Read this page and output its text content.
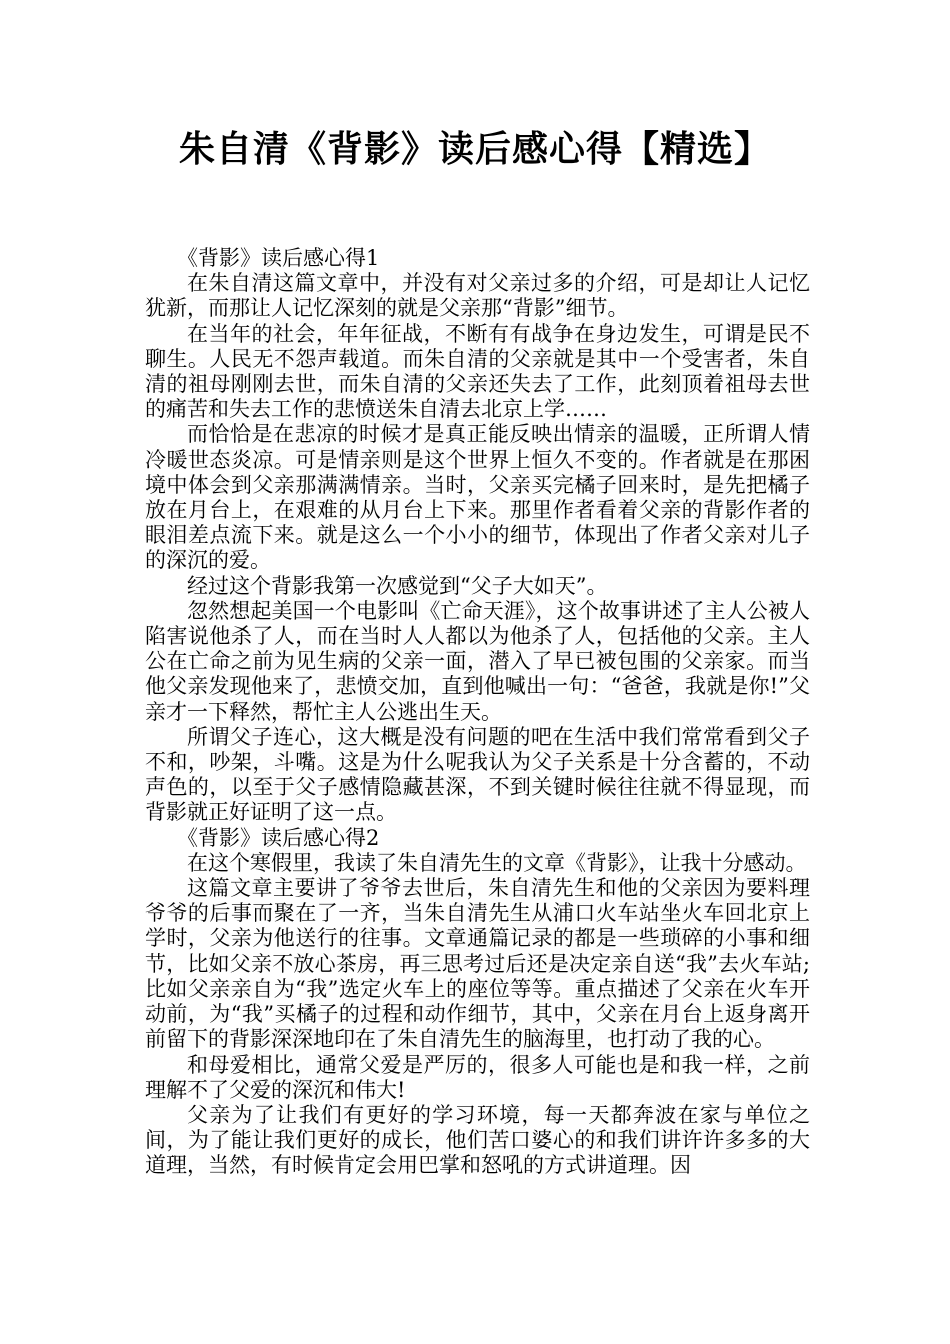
朱自清《背影》读后感心得【精选】

《背影》读后感心得1

在朱自清这篇文章中，并没有对父亲过多的介绍，可是却让人记忆犹新，而那让人记忆深刻的就是父亲那“背影”细节。

在当年的社会，年年征战，不断有有战争在身边发生，可谓是民不聊生。人民无不怨声载道。而朱自清的父亲就是其中一个受害者，朱自清的祖母刚刚去世，而朱自清的父亲还失去了工作，此刻顶着祖母去世的痛苦和失去工作的悲愤送朱自清去北京上学……

而恰恰是在悲凉的时候才是真正能反映出情亲的温暖，正所谓人情冷暖世态炎凉。可是情亲则是这个世界上恒久不变的。作者就是在那困境中体会到父亲那满满情亲。当时，父亲买完橘子回来时，是先把橘子放在月台上，在艰难的从月台上下来。那里作者看着父亲的背影作者的眼泪差点流下来。就是这么一个小小的细节，体现出了作者父亲对儿子的深沉的爱。

经过这个背影我第一次感觉到“父子大如天”。

忽然想起美国一个电影叫《亡命天涯》，这个故事讲述了主人公被人陷害说他杀了人，而在当时人人都以为他杀了人，包括他的父亲。主人公在亡命之前为见生病的父亲一面，潜入了早已被包围的父亲家。而当他父亲发现他来了，悲愤交加，直到他喊出一句：“爸爸，我就是你!”父亲才一下释然，帮忙主人公逃出生天。

所谓父子连心，这大概是没有问题的吧在生活中我们常常看到父子不和，吵架，斗嘴。这是为什么呢我认为父子关系是十分含蓄的，不动声色的，以至于父子感情隐藏甚深，不到关键时候往往就不得显现，而背影就正好证明了这一点。

《背影》读后感心得2

在这个寒假里，我读了朱自清先生的文章《背影》，让我十分感动。

这篇文章主要讲了爷爷去世后，朱自清先生和他的父亲因为要料理爷爷的后事而聚在了一齐，当朱自清先生从浦口火车站坐火车回北京上学时，父亲为他送行的往事。文章通篇记录的都是一些琐碎的小事和细节，比如父亲不放心茶房，再三思考过后还是决定亲自送“我”去火车站;比如父亲亲自为“我”选定火车上的座位等等。重点描述了父亲在火车开动前，为“我”买橘子的过程和动作细节，其中，父亲在月台上返身离开前留下的背影深深地印在了朱自清先生的脑海里，也打动了我的心。

和母爱相比，通常父爱是严厉的，很多人可能也是和我一样，之前理解不了父爱的深沉和伟大!

父亲为了让我们有更好的学习环境，每一天都奔波在家与单位之间，为了能让我们更好的成长，他们苦口婆心的和我们讲许许多多的大道理，当然，有时候肯定会用巴掌和怒吼的方式讲道理。因
